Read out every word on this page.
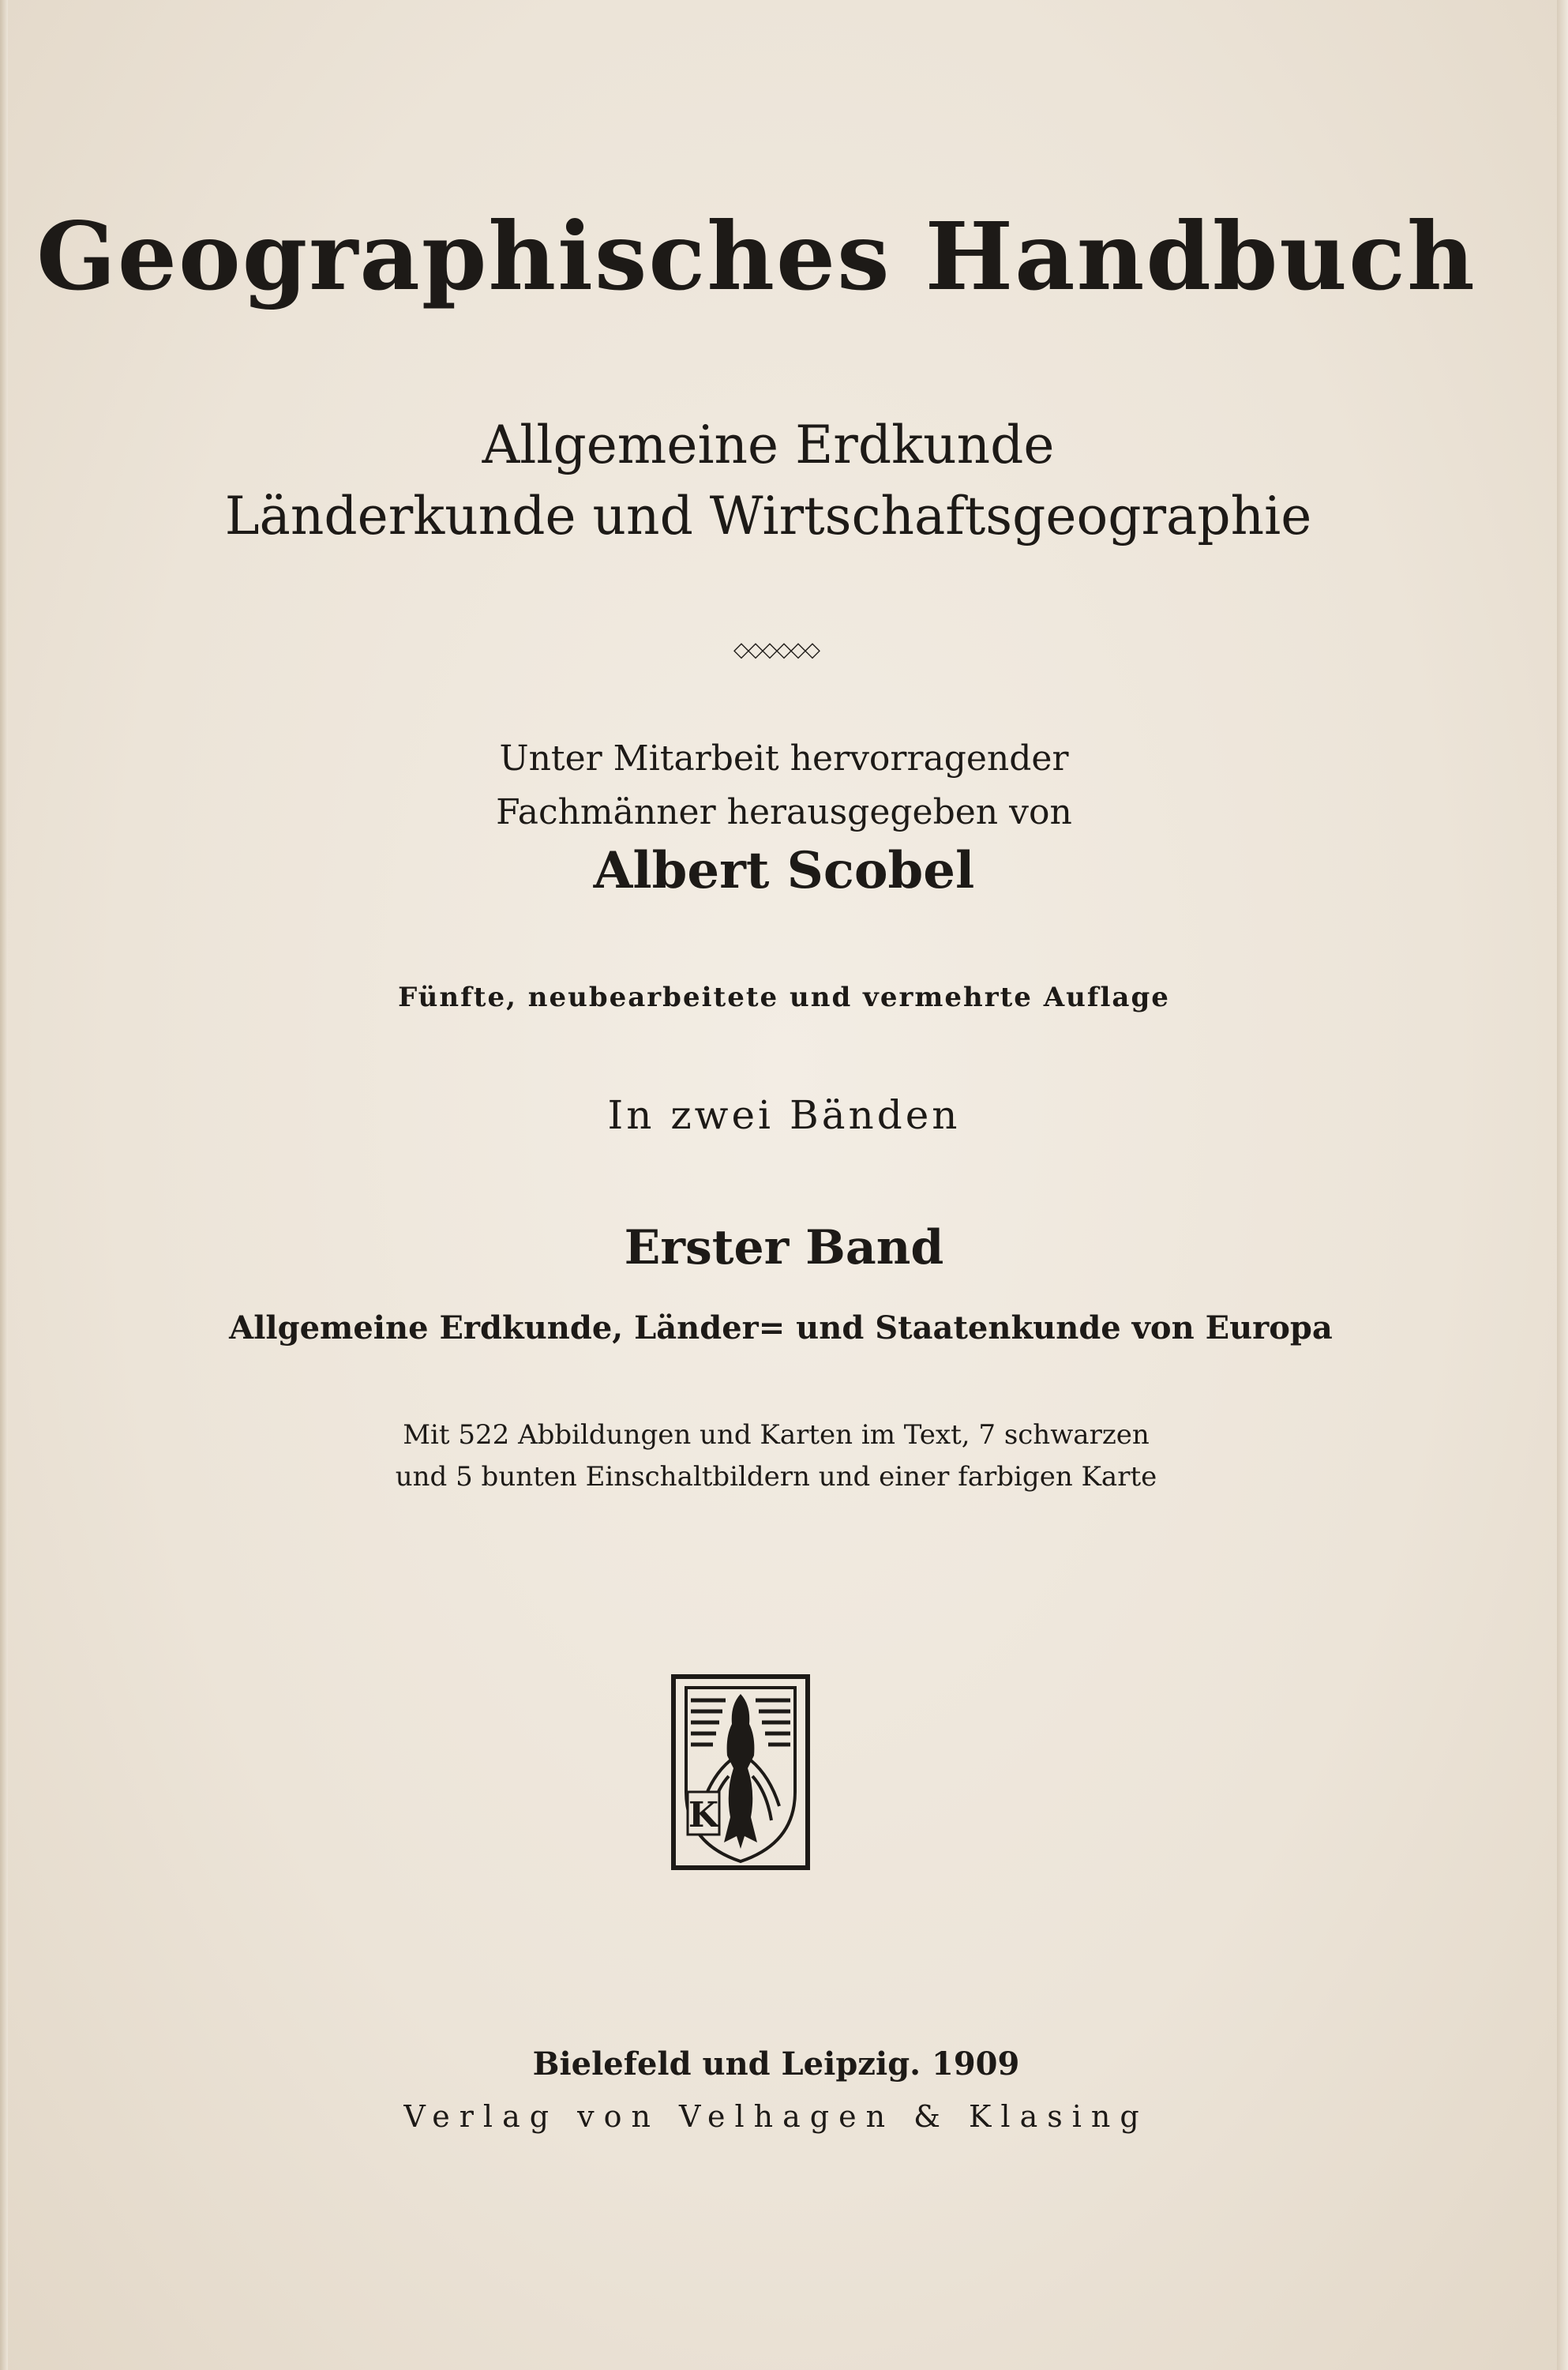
Geographisches Handbuch
Allgemeine Erdkunde
Länderkunde und Wirtschaftsgeographie
◇◇◇◇◇◇
Unter Mitarbeit hervorragender
Fachmänner herausgegeben von
Albert Scobel
Fünfte, neubearbeitete und vermehrte Auflage
In zwei Bänden
Erster Band
Allgemeine Erdkunde, Länder= und Staatenkunde von Europa
Mit 522 Abbildungen und Karten im Text, 7 schwarzen
und 5 bunten Einschaltbildern und einer farbigen Karte
K
Bielefeld und Leipzig. 1909
Verlag von Velhagen & Klasing
